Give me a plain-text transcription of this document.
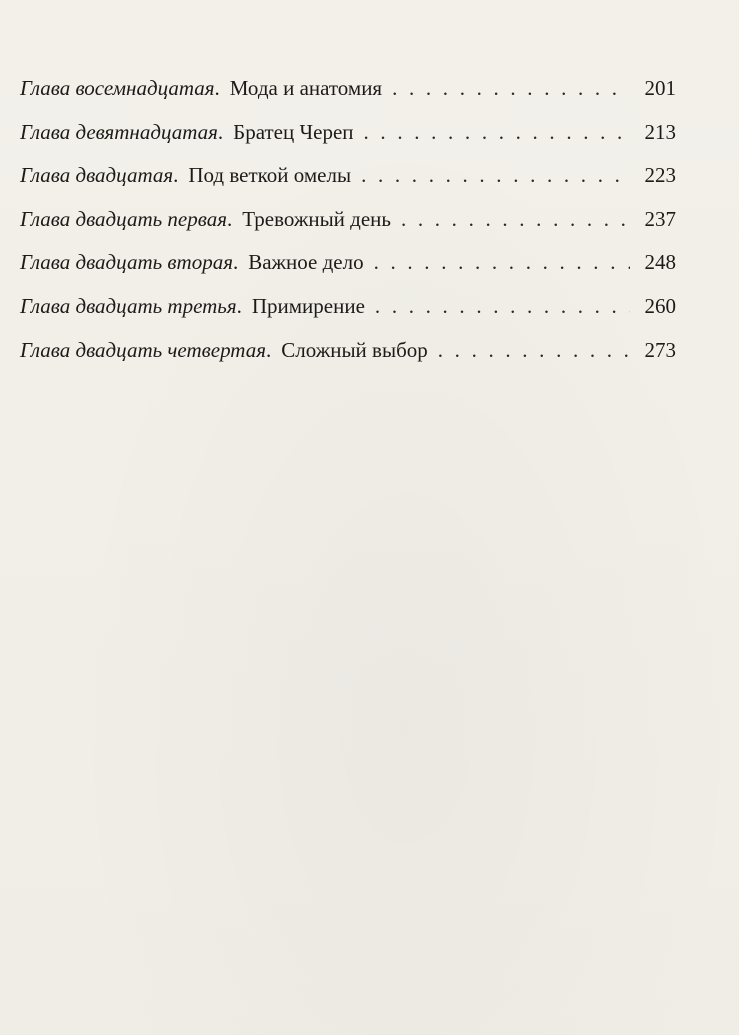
Глава восемнадцатая . Мода и анатомия . . .	201
Глава девятнадцатая . Братец Череп . . .	213
Глава двадцатая . Под веткой омелы . . .	223
Глава двадцать первая . Тревожный день . . .	237
Глава двадцать вторая . Важное дело . . .	248
Глава двадцать третья . Примирение . . .	260
Глава двадцать четвертая . Сложный выбор . . .	273
